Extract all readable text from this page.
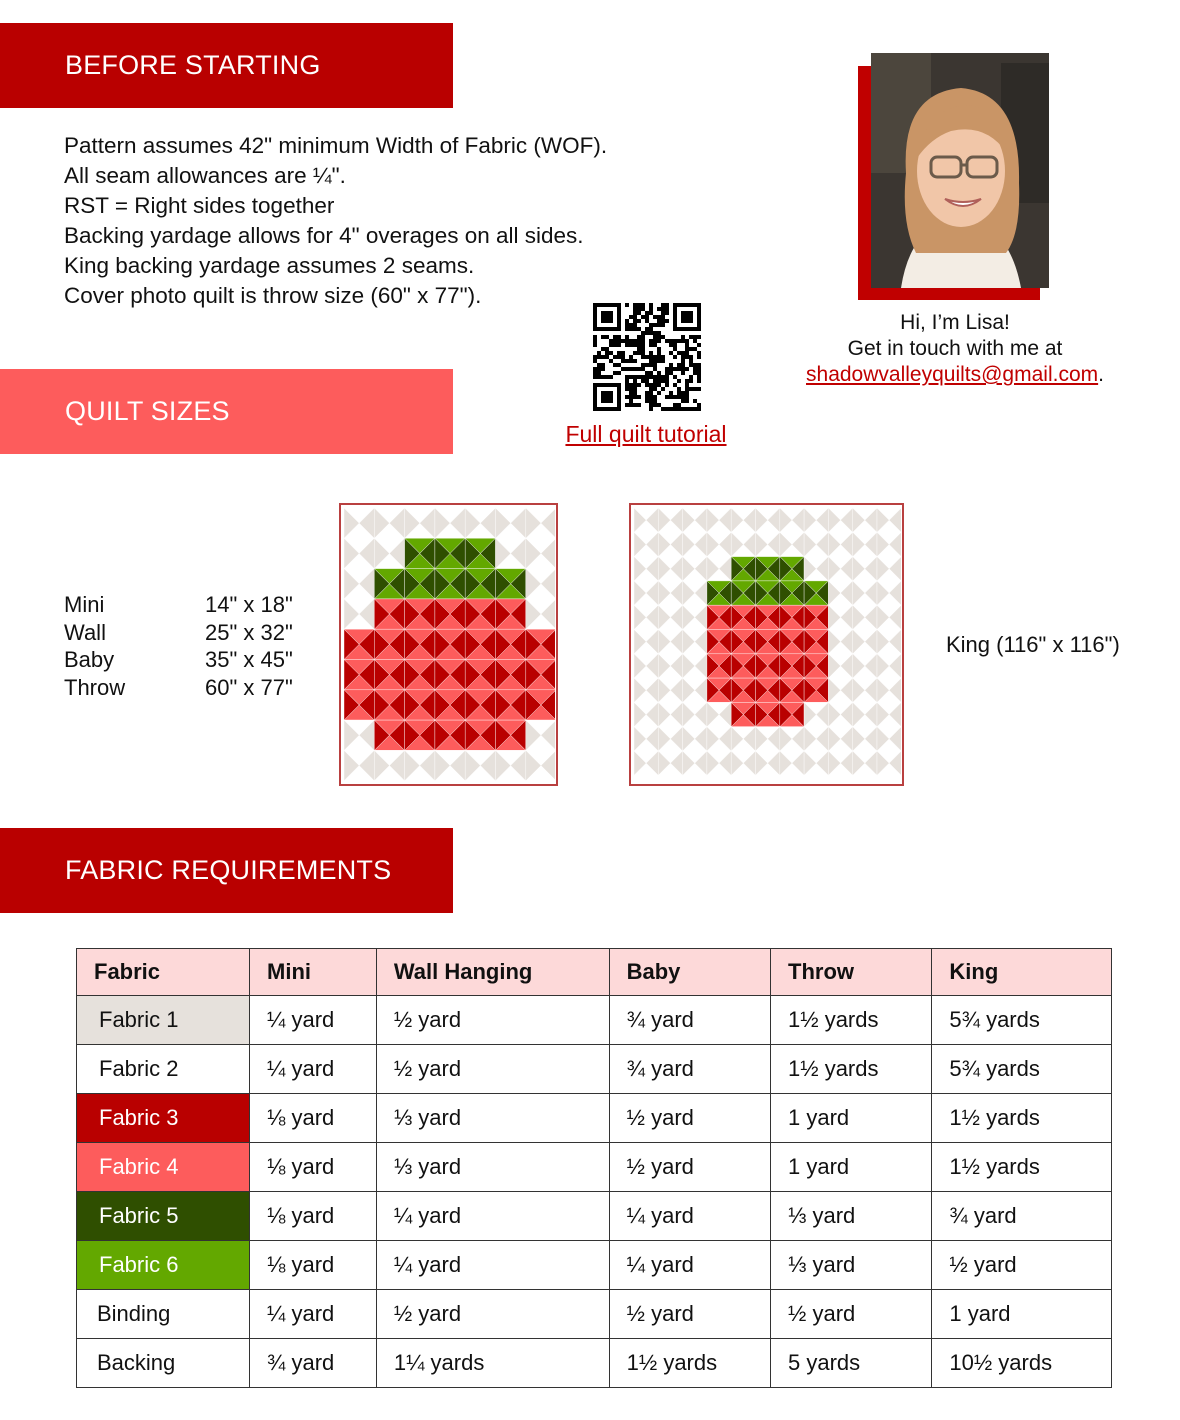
BEFORE STARTING
Pattern assumes 42" minimum Width of Fabric (WOF).
All seam allowances are ¼".
RST = Right sides together
Backing yardage allows for 4" overages on all sides.
King backing yardage assumes 2 seams.
Cover photo quilt is throw size (60" x 77").
Hi, I’m Lisa!
Get in touch with me at
shadowvalleyquilts@gmail.com.
Full quilt tutorial
QUILT SIZES
Mini	14" x 18"
Wall	25" x 32"
Baby	35" x 45"
Throw	60" x 77"
King (116" x 116")
FABRIC REQUIREMENTS
Fabric	Mini	Wall Hanging	Baby	Throw	King
Fabric 1	¼ yard	½ yard	¾ yard	1½ yards	5¾ yards
Fabric 2	¼ yard	½ yard	¾ yard	1½ yards	5¾ yards
Fabric 3	⅛ yard	⅓ yard	½ yard	1 yard	1½ yards
Fabric 4	⅛ yard	⅓ yard	½ yard	1 yard	1½ yards
Fabric 5	⅛ yard	¼ yard	¼ yard	⅓ yard	¾ yard
Fabric 6	⅛ yard	¼ yard	¼ yard	⅓ yard	½ yard
Binding	¼ yard	½ yard	½ yard	½ yard	1 yard
Backing	¾ yard	1¼ yards	1½ yards	5 yards	10½ yards
